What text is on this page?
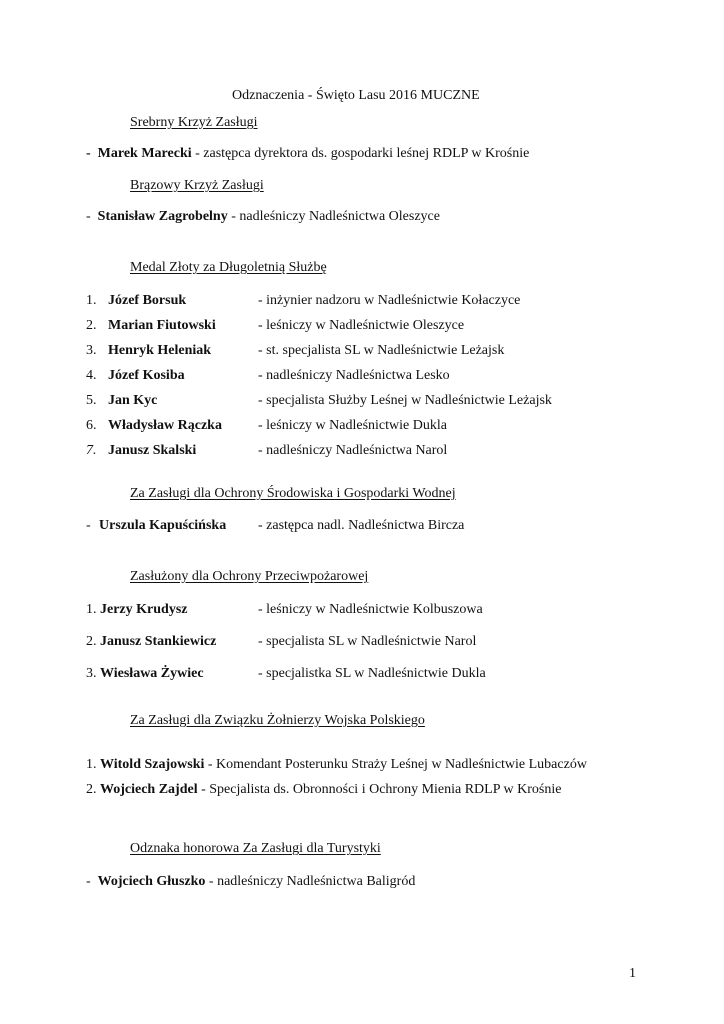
Odznaczenia - Święto Lasu 2016 MUCZNE
Srebrny Krzyż Zasługi
- Marek Marecki - zastępca dyrektora ds. gospodarki leśnej RDLP w Krośnie
Brązowy Krzyż Zasługi
- Stanisław Zagrobelny - nadleśniczy Nadleśnictwa Oleszyce
Medal Złoty za Długoletnią Służbę
1. Józef Borsuk	- inżynier nadzoru w Nadleśnictwie Kołaczyce
2. Marian Fiutowski	- leśniczy w Nadleśnictwie Oleszyce
3. Henryk Heleniak	- st. specjalista SL w Nadleśnictwie Leżajsk
4. Józef Kosiba	- nadleśniczy Nadleśnictwa Lesko
5. Jan Kyc	- specjalista Służby Leśnej w Nadleśnictwie Leżajsk
6. Władysław Rączka	- leśniczy w Nadleśnictwie Dukla
7. Janusz Skalski	- nadleśniczy Nadleśnictwa Narol
Za Zasługi dla Ochrony Środowiska i Gospodarki Wodnej
- Urszula Kapuścińska - zastępca nadl. Nadleśnictwa Bircza
Zasłużony dla Ochrony Przeciwpożarowej
1. Jerzy Krudysz	- leśniczy w Nadleśnictwie Kolbuszowa
2. Janusz Stankiewicz	- specjalista SL w Nadleśnictwie Narol
3. Wiesława Żywiec	- specjalistka SL w Nadleśnictwie Dukla
Za Zasługi dla Związku Żołnierzy Wojska Polskiego
1. Witold Szajowski - Komendant Posterunku Straży Leśnej w Nadleśnictwie Lubaczów
2. Wojciech Zajdel - Specjalista ds. Obronności i Ochrony Mienia RDLP w Krośnie
Odznaka honorowa Za Zasługi dla Turystyki
- Wojciech Głuszko - nadleśniczy Nadleśnictwa Baligród
1
